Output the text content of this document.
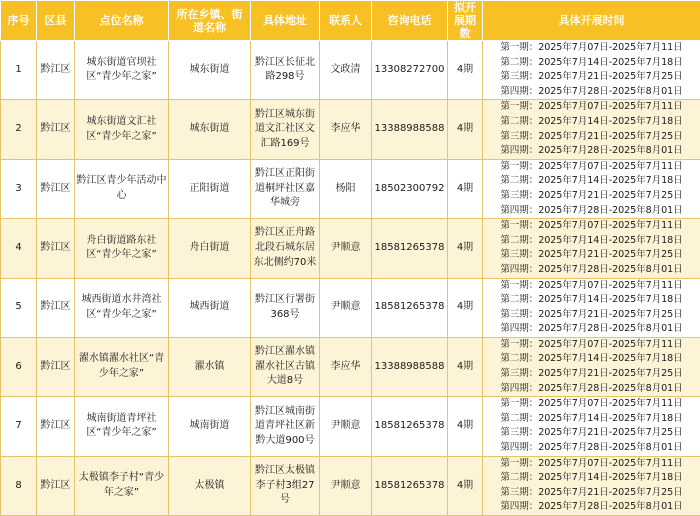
序号	区县	点位名称	所在乡镇、街道名称	具体地址	联系人	咨询电话	拟开展期数	具体开展时间
1	黔江区	城东街道官坝社区“青少年之家”	城东街道	黔江区长征北路298号	文政清	13308272700	4期	第一期：2025年7月07日-2025年7月11日
第二期：2025年7月14日-2025年7月18日
第三期：2025年7月21日-2025年7月25日
第四期：2025年7月28日-2025年8月01日

2	黔江区	城东街道文汇社区“青少年之家”	城东街道	黔江区城东街道文汇社区文汇路169号	李应华	13388988588	4期	第一期：2025年7月07日-2025年7月11日
第二期：2025年7月14日-2025年7月18日
第三期：2025年7月21日-2025年7月25日
第四期：2025年7月28日-2025年8月01日

3	黔江区	黔江区青少年活动中心	正阳街道	黔江区正阳街道桐坪社区嘉华城旁	杨阳	18502300792	4期	第一期：2025年7月07日-2025年7月11日
第二期：2025年7月14日-2025年7月18日
第三期：2025年7月21日-2025年7月25日
第四期：2025年7月28日-2025年8月01日

4	黔江区	舟白街道路东社区“青少年之家”	舟白街道	黔江区正舟路北段石城东居东北侧约70米	尹顺意	18581265378	4期	第一期：2025年7月07日-2025年7月11日
第二期：2025年7月14日-2025年7月18日
第三期：2025年7月21日-2025年7月25日
第四期：2025年7月28日-2025年8月01日

5	黔江区	城西街道水井湾社区“青少年之家”	城西街道	黔江区行署街368号	尹顺意	18581265378	4期	第一期：2025年7月07日-2025年7月11日
第二期：2025年7月14日-2025年7月18日
第三期：2025年7月21日-2025年7月25日
第四期：2025年7月28日-2025年8月01日

6	黔江区	濯水镇濯水社区“青少年之家”	濯水镇	黔江区濯水镇濯水社区古镇大道8号	李应华	13388988588	4期	第一期：2025年7月07日-2025年7月11日
第二期：2025年7月14日-2025年7月18日
第三期：2025年7月21日-2025年7月25日
第四期：2025年7月28日-2025年8月01日

7	黔江区	城南街道青坪社区“青少年之家”	城南街道	黔江区城南街道青坪社区新黔大道900号	尹顺意	18581265378	4期	第一期：2025年7月07日-2025年7月11日
第二期：2025年7月14日-2025年7月18日
第三期：2025年7月21日-2025年7月25日
第四期：2025年7月28日-2025年8月01日

8	黔江区	太极镇李子村“青少年之家”	太极镇	黔江区太极镇李子村3组27号	尹顺意	18581265378	4期	第一期：2025年7月07日-2025年7月11日
第二期：2025年7月14日-2025年7月18日
第三期：2025年7月21日-2025年7月25日
第四期：2025年7月28日-2025年8月01日
